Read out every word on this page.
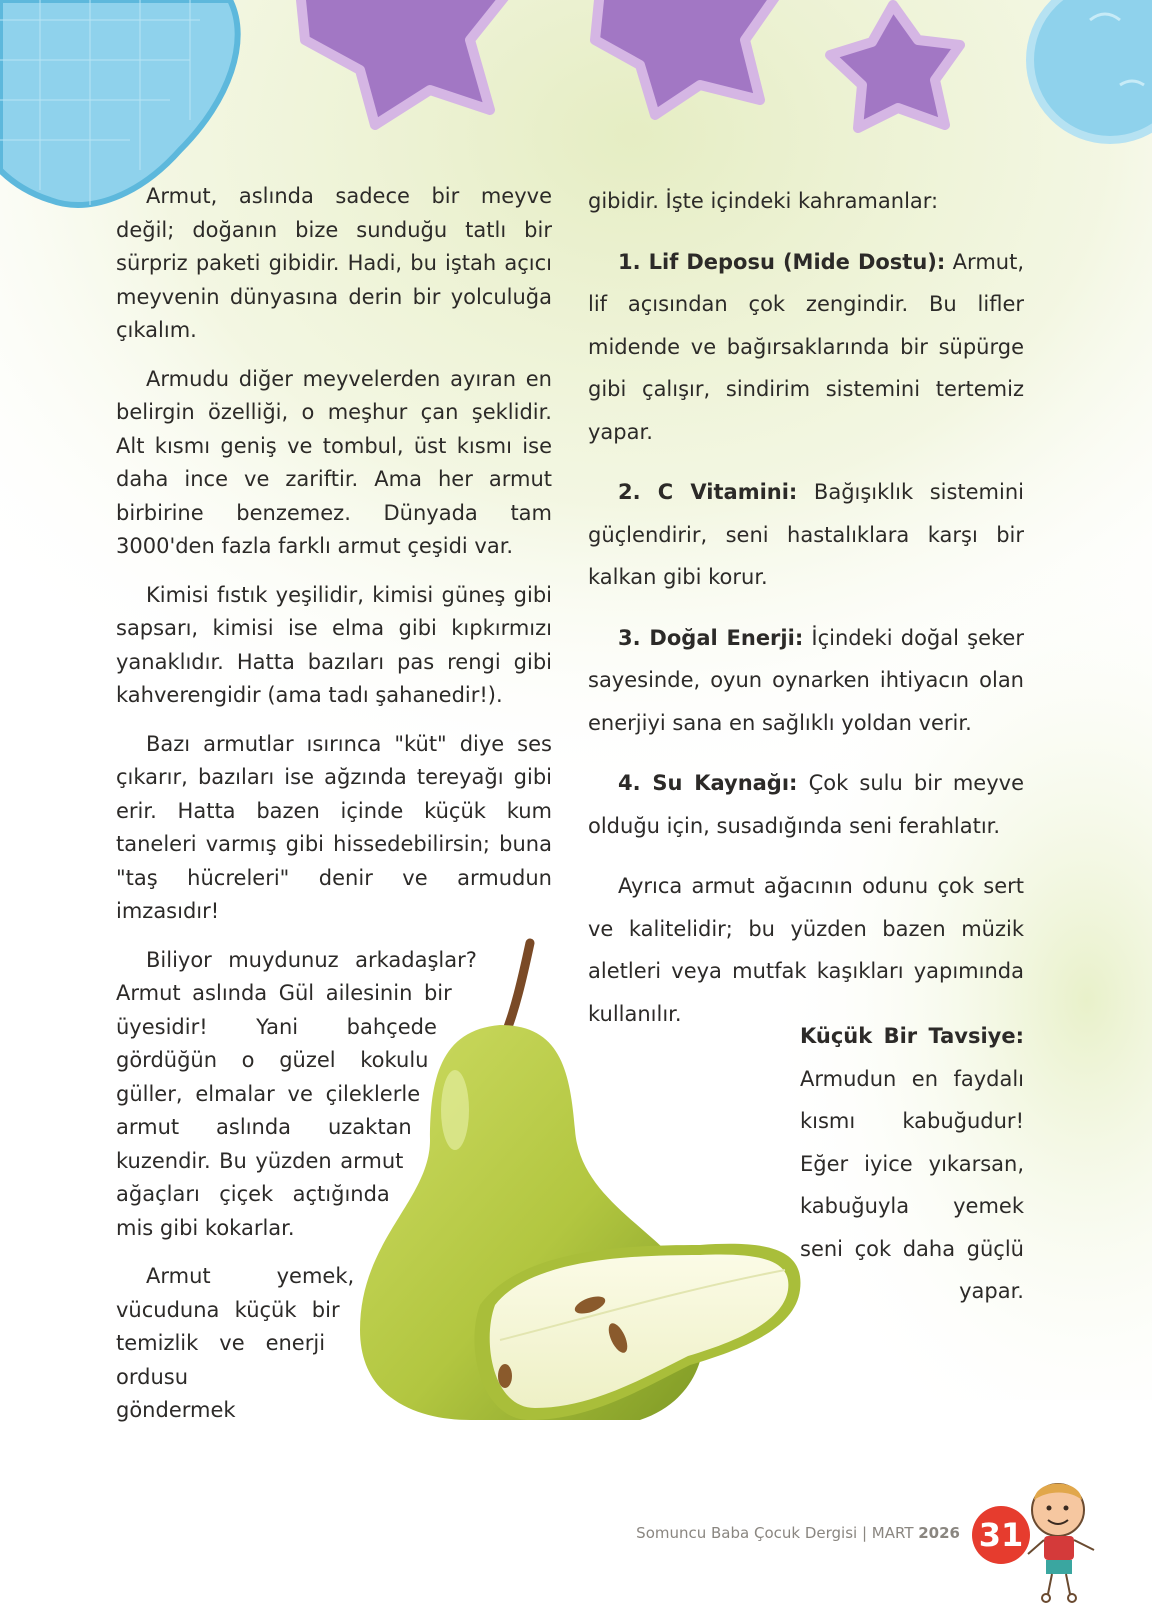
Armut, aslında sadece bir meyve değil; doğanın bize sunduğu tatlı bir sürpriz paketi gibidir. Hadi, bu iştah açıcı meyvenin dünyasına derin bir yolculuğa çıkalım.

Armudu diğer meyvelerden ayıran en belirgin özelliği, o meşhur çan şeklidir. Alt kısmı geniş ve tombul, üst kısmı ise daha ince ve zariftir. Ama her armut birbirine benzemez. Dünyada tam 3000'den fazla farklı armut çeşidi var.

Kimisi fıstık yeşilidir, kimisi güneş gibi sapsarı, kimisi ise elma gibi kıpkırmızı yanaklıdır. Hatta bazıları pas rengi gibi kahverengidir (ama tadı şahanedir!).

Bazı armutlar ısırınca "küt" diye ses çıkarır, bazıları ise ağzında tereyağı gibi erir. Hatta bazen içinde küçük kum taneleri varmış gibi hissedebilirsin; buna "taş hücreleri" denir ve armudun imzasıdır!

Biliyor muydunuz arkadaşlar? Armut aslında Gül ailesinin bir üyesidir! Yani bahçede gördüğün o güzel kokulu güller, elmalar ve çileklerle armut aslında uzaktan kuzendir. Bu yüzden armut ağaçları çiçek açtığında mis gibi kokarlar.

Armut yemek, vücuduna küçük bir temizlik ve enerji ordusu göndermek

gibidir. İşte içindeki kahramanlar:

1. Lif Deposu (Mide Dostu): Armut, lif açısından çok zengindir. Bu lifler midende ve bağırsaklarında bir süpürge gibi çalışır, sindirim sistemini tertemiz yapar.

2. C Vitamini: Bağışıklık sistemini güçlendirir, seni hastalıklara karşı bir kalkan gibi korur.

3. Doğal Enerji: İçindeki doğal şeker sayesinde, oyun oynarken ihtiyacın olan enerjiyi sana en sağlıklı yoldan verir.

4. Su Kaynağı: Çok sulu bir meyve olduğu için, susadığında seni ferahlatır.

Ayrıca armut ağacının odunu çok sert ve kalitelidir; bu yüzden bazen müzik aletleri veya mutfak kaşıkları yapımında kullanılır.

Küçük Bir Tavsiye: Armudun en faydalı kısmı kabuğudur! Eğer iyice yıkarsan, kabuğuyla yemek seni çok daha güçlü yapar.
Somuncu Baba Çocuk Dergisi | MART 2026 31
